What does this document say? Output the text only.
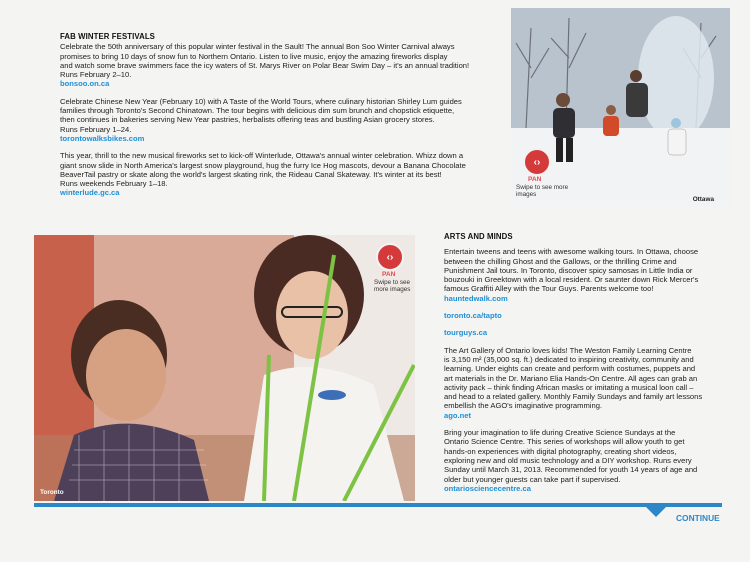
FAB WINTER FESTIVALS
Celebrate the 50th anniversary of this popular winter festival in the Sault! The annual Bon Soo Winter Carnival always
promises to bring 10 days of snow fun to Northern Ontario. Listen to live music, enjoy the amazing fireworks display
and watch some brave swimmers face the icy waters of St. Marys River on Polar Bear Swim Day – it's an annual tradition!
Runs February 2–10.
bonsoo.on.ca
Celebrate Chinese New Year (February 10) with A Taste of the World Tours, where culinary historian Shirley Lum guides
families through Toronto's Second Chinatown. The tour begins with delicious dim sum brunch and chopstick etiquette,
then continues in bakeries serving New Year pastries, herbalists offering teas and bustling Asian grocery stores.
Runs February 1–24.
torontowalksbikes.com
This year, thrill to the new musical fireworks set to kick-off Winterlude, Ottawa's annual winter celebration. Whizz down a
giant snow slide in North America's largest snow playground, hug the furry Ice Hog mascots, devour a Banana Chocolate
BeaverTail pastry or skate along the world's largest skating rink, the Rideau Canal Skateway. It's winter at its best!
Runs weekends February 1–18.
winterlude.gc.ca
‹›
PAN
Swipe to see more images
Ottawa
‹›
PAN
Swipe to see more images
Toronto
ARTS AND MINDS
Entertain tweens and teens with awesome walking tours. In Ottawa, choose
between the chilling Ghost and the Gallows, or the thrilling Crime and
Punishment Jail tours. In Toronto, discover spicy samosas in Little India or
bouzouki in Greektown with a local resident. Or saunter down Rick Mercer's
famous Graffiti Alley with the Tour Guys. Parents welcome too!
hauntedwalk.com
toronto.ca/tapto
tourguys.ca
The Art Gallery of Ontario loves kids! The Weston Family Learning Centre
is 3,150 m² (35,000 sq. ft.) dedicated to inspiring creativity, community and
learning. Under eights can create and perform with costumes, puppets and
art materials in the Dr. Mariano Elia Hands-On Centre. All ages can grab an
activity pack – think finding African masks or imitating a musical loon call –
and head to a related gallery. Monthly Family Sundays and family art lessons
embellish the AGO's imaginative programming.
ago.net
Bring your imagination to life during Creative Science Sundays at the
Ontario Science Centre. This series of workshops will allow youth to get
hands-on experiences with digital photography, creating short videos,
exploring new and old music technology and a DIY workshop. Runs every
Sunday until March 31, 2013. Recommended for youth 14 years of age and
older but younger guests can take part if supervised.
ontariosciencecentre.ca
CONTINUE
